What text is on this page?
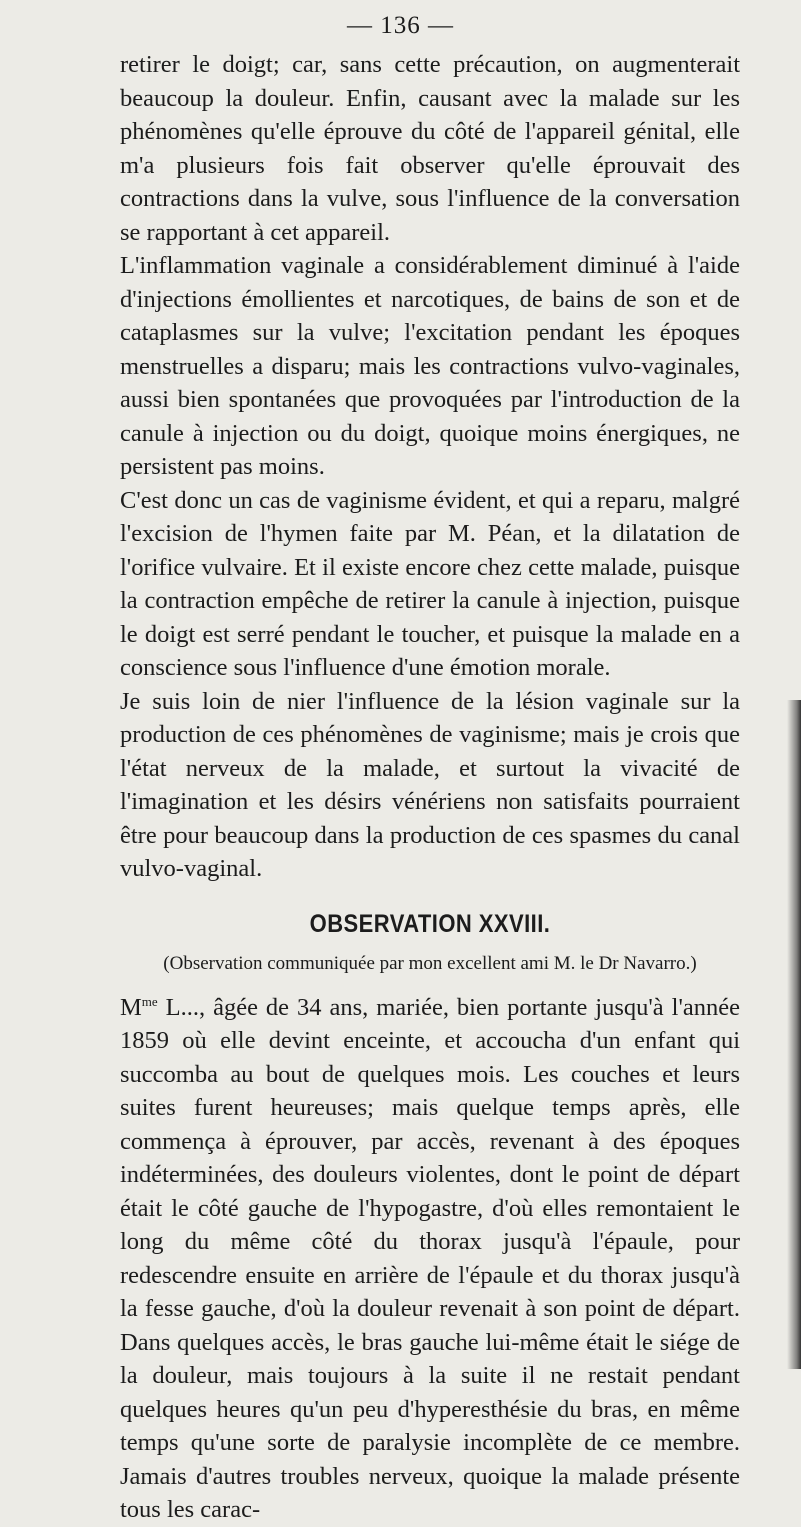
— 136 —

retirer le doigt; car, sans cette précaution, on augmenterait beaucoup la douleur. Enfin, causant avec la malade sur les phénomènes qu'elle éprouve du côté de l'appareil génital, elle m'a plusieurs fois fait observer qu'elle éprouvait des contractions dans la vulve, sous l'influence de la conversation se rapportant à cet appareil.

L'inflammation vaginale a considérablement diminué à l'aide d'injections émollientes et narcotiques, de bains de son et de cataplasmes sur la vulve; l'excitation pendant les époques menstruelles a disparu; mais les contractions vulvo-vaginales, aussi bien spontanées que provoquées par l'introduction de la canule à injection ou du doigt, quoique moins énergiques, ne persistent pas moins.

C'est donc un cas de vaginisme évident, et qui a reparu, malgré l'excision de l'hymen faite par M. Péan, et la dilatation de l'orifice vulvaire. Et il existe encore chez cette malade, puisque la contraction empêche de retirer la canule à injection, puisque le doigt est serré pendant le toucher, et puisque la malade en a conscience sous l'influence d'une émotion morale.

Je suis loin de nier l'influence de la lésion vaginale sur la production de ces phénomènes de vaginisme; mais je crois que l'état nerveux de la malade, et surtout la vivacité de l'imagination et les désirs vénériens non satisfaits pourraient être pour beaucoup dans la production de ces spasmes du canal vulvo-vaginal.

OBSERVATION XXVIII.
(Observation communiquée par mon excellent ami M. le Dr Navarro.)

$M^{me}$ L..., âgée de 34 ans, mariée, bien portante jusqu'à l'année 1859 où elle devint enceinte, et accoucha d'un enfant qui succomba au bout de quelques mois. Les couches et leurs suites furent heureuses; mais quelque temps après, elle commença à éprouver, par accès, revenant à des époques indéterminées, des douleurs violentes, dont le point de départ était le côté gauche de l'hypogastre, d'où elles remontaient le long du même côté du thorax jusqu'à l'épaule, pour redescendre ensuite en arrière de l'épaule et du thorax jusqu'à la fesse gauche, d'où la douleur revenait à son point de départ. Dans quelques accès, le bras gauche lui-même était le siége de la douleur, mais toujours à la suite il ne restait pendant quelques heures qu'un peu d'hyperesthésie du bras, en même temps qu'une sorte de paralysie incomplète de ce membre. Jamais d'autres troubles nerveux, quoique la malade présente tous les carac-
